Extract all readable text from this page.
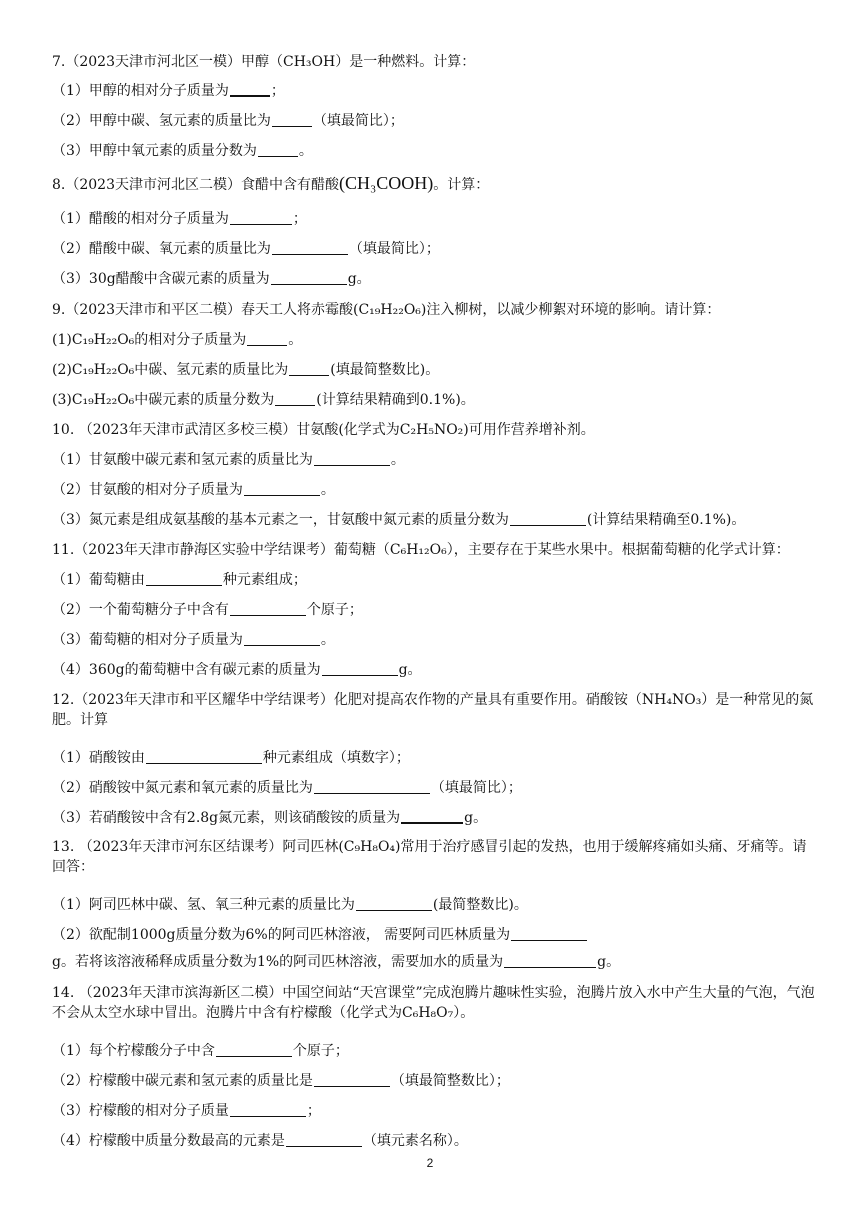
7.（2023天津市河北区一模）甲醇（CH₃OH）是一种燃料。计算：
（1）甲醇的相对分子质量为	；
（2）甲醇中碳、氢元素的质量比为	（填最简比）；
（3）甲醇中氧元素的质量分数为	。
8.（2023天津市河北区二模）食醋中含有醋酸(CH₃COOH)。计算：
（1）醋酸的相对分子质量为	；
（2）醋酸中碳、氧元素的质量比为	（填最简比）；
（3）30g醋酸中含碳元素的质量为	g。
9.（2023天津市和平区二模）春天工人将赤霉酸(C₁₉H₂₂O₆)注入柳树，以减少柳絮对环境的影响。请计算：
(1)C₁₉H₂₂O₆的相对分子质量为	。
(2)C₁₉H₂₂O₆中碳、氢元素的质量比为	(填最简整数比)。
(3)C₁₉H₂₂O₆中碳元素的质量分数为	(计算结果精确到0.1%)。
10. （2023年天津市武清区多校三模）甘氨酸(化学式为C₂H₅NO₂)可用作营养增补剂。
（1）甘氨酸中碳元素和氢元素的质量比为	。
（2）甘氨酸的相对分子质量为	。
（3）氮元素是组成氨基酸的基本元素之一，甘氨酸中氮元素的质量分数为	(计算结果精确至0.1%)。
11.（2023年天津市静海区实验中学结课考）葡萄糖（C₆H₁₂O₆），主要存在于某些水果中。根据葡萄糖的化学式计算：
（1）葡萄糖由	种元素组成；
（2）一个葡萄糖分子中含有	个原子；
（3）葡萄糖的相对分子质量为	。
（4）360g的葡萄糖中含有碳元素的质量为	g。
12.（2023年天津市和平区耀华中学结课考）化肥对提高农作物的产量具有重要作用。硝酸铵（NH₄NO₃）是一种常见的氮肥。计算
（1）硝酸铵由	种元素组成（填数字）；
（2）硝酸铵中氮元素和氧元素的质量比为	（填最简比）；
（3）若硝酸铵中含有2.8g氮元素，则该硝酸铵的质量为	g。
13. （2023年天津市河东区结课考）阿司匹林(C₉H₈O₄)常用于治疗感冒引起的发热，也用于缓解疼痛如头痛、牙痛等。请回答：
（1）阿司匹林中碳、氢、氧三种元素的质量比为	(最简整数比)。
（2）欲配制1000g质量分数为6%的阿司匹林溶液， 需要阿司匹林质量为
g。若将该溶液稀释成质量分数为1%的阿司匹林溶液，需要加水的质量为	g。
14. （2023年天津市滨海新区二模）中国空间站“天宫课堂”完成泡腾片趣味性实验，泡腾片放入水中产生大量的气泡，气泡不会从太空水球中冒出。泡腾片中含有柠檬酸（化学式为C₆H₈O₇）。
（1）每个柠檬酸分子中含	个原子；
（2）柠檬酸中碳元素和氢元素的质量比是	（填最简整数比）；
（3）柠檬酸的相对分子质量	；
（4）柠檬酸中质量分数最高的元素是	（填元素名称）。
2
